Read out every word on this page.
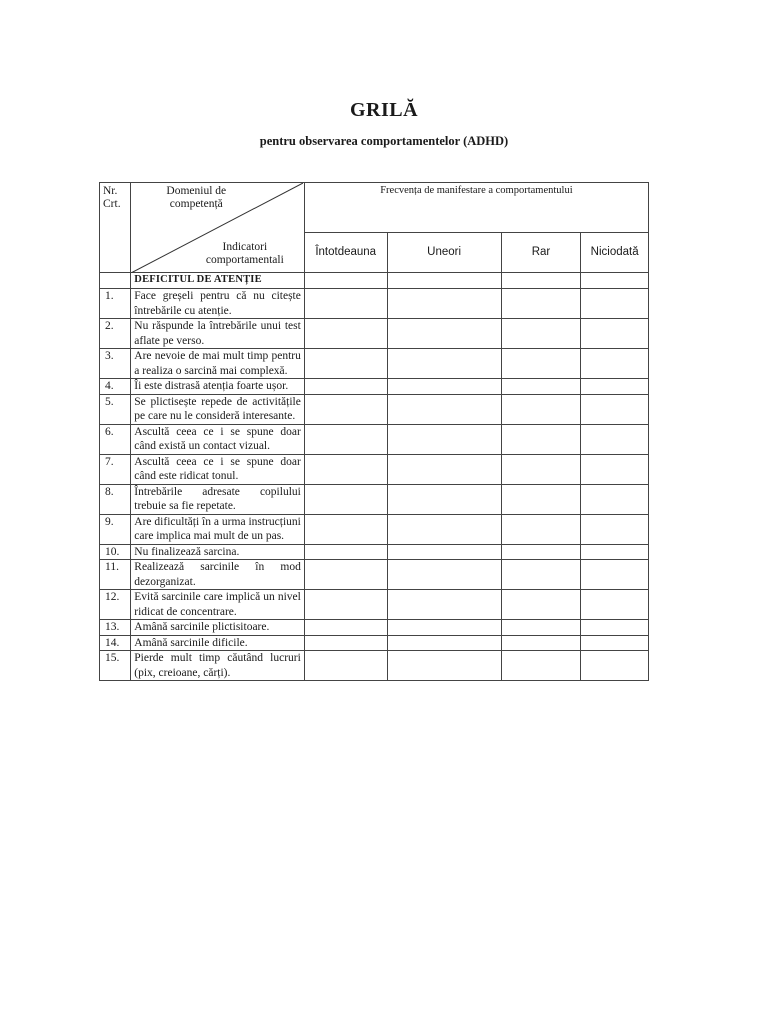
GRILĂ
pentru observarea comportamentelor (ADHD)
Nr. Crt.	Domeniul de competență
Indicatori comportamentali	Frecvența de manifestare a comportamentului			
		Întotdeauna	Uneori	Rar	Niciodată
	DEFICITUL DE ATENȚIE				
1.	Face greșeli pentru că nu citește întrebările cu atenție.				
2.	Nu răspunde la întrebările unui test aflate pe verso.				
3.	Are nevoie de mai mult timp pentru a realiza o sarcină mai complexă.				
4.	Îi este distrasă atenția foarte ușor.				
5.	Se plictisește repede de activitățile pe care nu le consideră interesante.				
6.	Ascultă ceea ce i se spune doar când există un contact vizual.				
7.	Ascultă ceea ce i se spune doar când este ridicat tonul.				
8.	Întrebările adresate copilului trebuie sa fie repetate.				
9.	Are dificultăți în a urma instrucțiuni care implica mai mult de un pas.				
10.	Nu finalizează sarcina.				
11.	Realizează sarcinile în mod dezorganizat.				
12.	Evită sarcinile care implică un nivel ridicat de concentrare.				
13.	Amână sarcinile plictisitoare.				
14.	Amână sarcinile dificile.				
15.	Pierde mult timp căutând lucruri (pix, creioane, cărți).				
